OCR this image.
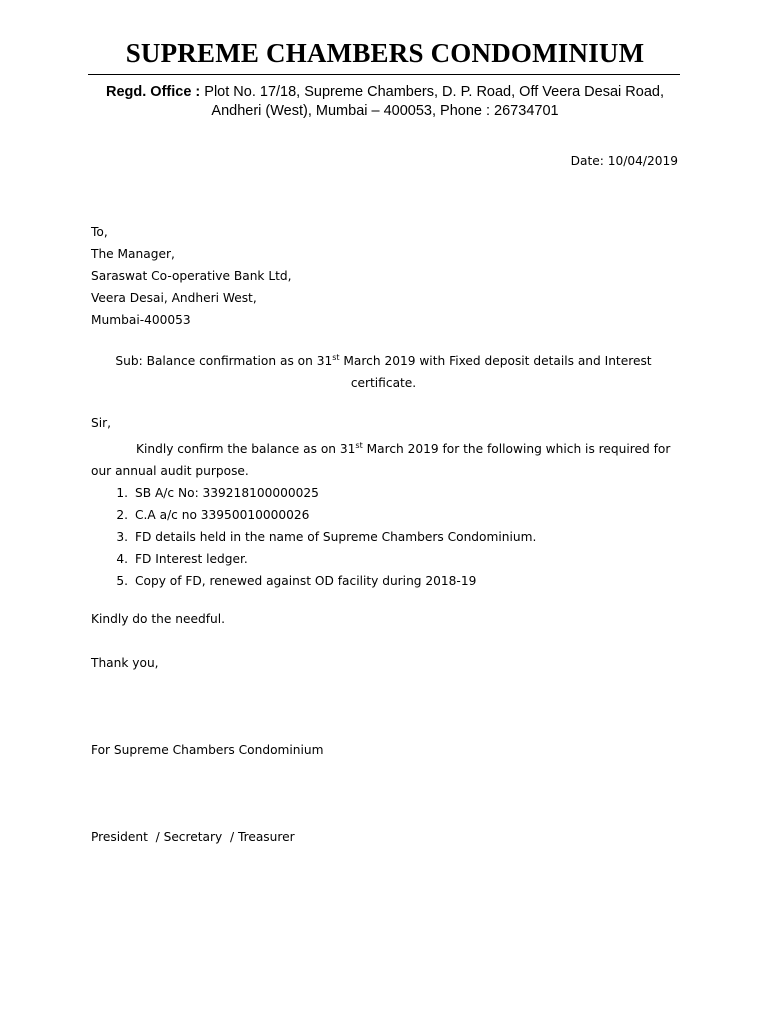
SUPREME CHAMBERS CONDOMINIUM
Regd. Office : Plot No. 17/18, Supreme Chambers, D. P. Road, Off Veera Desai Road,
Andheri (West), Mumbai – 400053, Phone : 26734701
Date: 10/04/2019
To,
The Manager,
Saraswat Co-operative Bank Ltd,
Veera Desai, Andheri West,
Mumbai-400053
Sub: Balance confirmation as on 31st March 2019 with Fixed deposit details and Interest
certificate.
Sir,
Kindly confirm the balance as on 31st March 2019 for the following which is required for
our annual audit purpose.
1. SB A/c No: 339218100000025
2. C.A a/c no 33950010000026
3. FD details held in the name of Supreme Chambers Condominium.
4. FD Interest ledger.
5. Copy of FD, renewed against OD facility during 2018-19
Kindly do the needful.
Thank you,
For Supreme Chambers Condominium
President  / Secretary  / Treasurer
